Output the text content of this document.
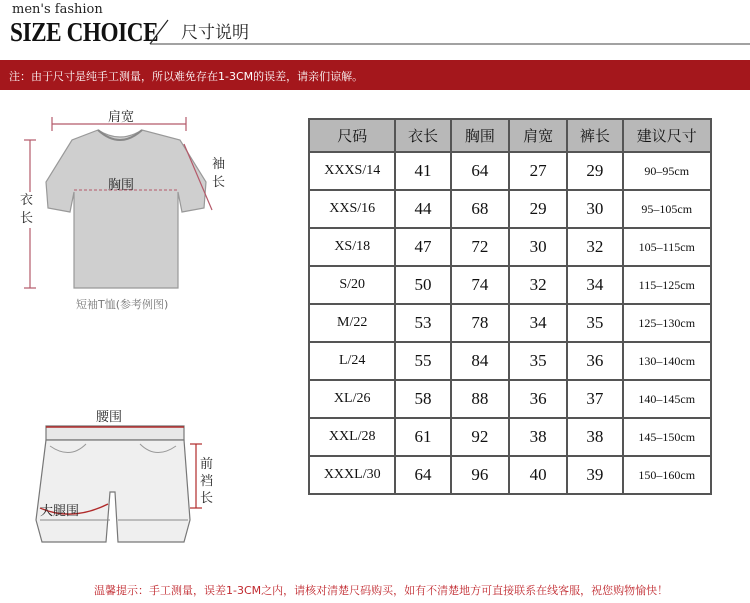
men's fashion
SIZE CHOICE 尺寸说明
注：由于尺寸是纯手工测量，所以难免存在1-3CM的误差，请亲们谅解。
肩宽
胸围
衣长
袖长
短袖T恤(参考例图)
腰围
前裆长
大腿围
尺码	衣长	胸围	肩宽	裤长	建议尺寸
XXXS/14	41	64	27	29	90–95cm
XXS/16	44	68	29	30	95–105cm
XS/18	47	72	30	32	105–115cm
S/20	50	74	32	34	115–125cm
M/22	53	78	34	35	125–130cm
L/24	55	84	35	36	130–140cm
XL/26	58	88	36	37	140–145cm
XXL/28	61	92	38	38	145–150cm
XXXL/30	64	96	40	39	150–160cm
温馨提示：手工测量，误差1-3CM之内，请核对清楚尺码购买，如有不清楚地方可直接联系在线客服，祝您购物愉快！
